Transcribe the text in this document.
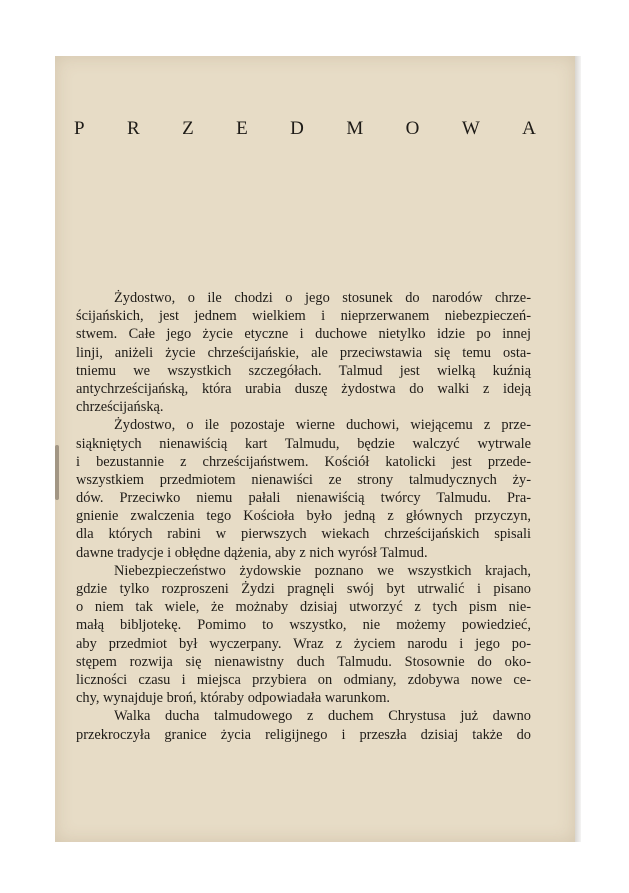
P R Z E D M O W A
Żydostwo, o ile chodzi o jego stosunek do narodów chrze-
ścijańskich, jest jednem wielkiem i nieprzerwanem niebezpieczeń-
stwem. Całe jego życie etyczne i duchowe nietylko idzie po innej
linji, aniżeli życie chrześcijańskie, ale przeciwstawia się temu osta-
tniemu we wszystkich szczegółach. Talmud jest wielką kuźnią
antychrześcijańską, która urabia duszę żydostwa do walki z ideją
chrześcijańską.
Żydostwo, o ile pozostaje wierne duchowi, wiejącemu z prze-
siąkniętych nienawiścią kart Talmudu, będzie walczyć wytrwale
i bezustannie z chrześcijaństwem. Kościół katolicki jest przede-
wszystkiem przedmiotem nienawiści ze strony talmudycznych ży-
dów. Przeciwko niemu pałali nienawiścią twórcy Talmudu. Pra-
gnienie zwalczenia tego Kościoła było jedną z głównych przyczyn,
dla których rabini w pierwszych wiekach chrześcijańskich spisali
dawne tradycje i obłędne dążenia, aby z nich wyrósł Talmud.
Niebezpieczeństwo żydowskie poznano we wszystkich krajach,
gdzie tylko rozproszeni Żydzi pragnęli swój byt utrwalić i pisano
o niem tak wiele, że możnaby dzisiaj utworzyć z tych pism nie-
małą bibljotekę. Pomimo to wszystko, nie możemy powiedzieć,
aby przedmiot był wyczerpany. Wraz z życiem narodu i jego po-
stępem rozwija się nienawistny duch Talmudu. Stosownie do oko-
liczności czasu i miejsca przybiera on odmiany, zdobywa nowe ce-
chy, wynajduje broń, któraby odpowiadała warunkom.
Walka ducha talmudowego z duchem Chrystusa już dawno
przekroczyła granice życia religijnego i przeszła dzisiaj także do
